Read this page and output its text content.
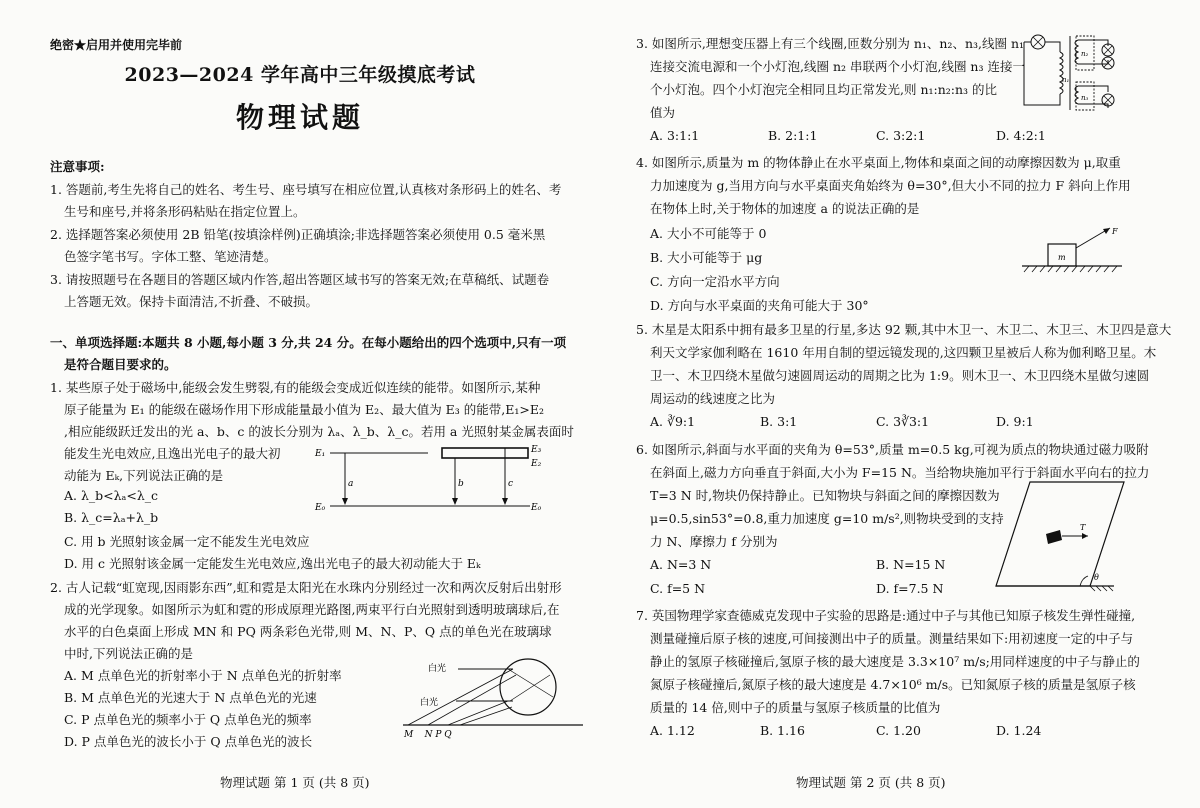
绝密★启用并使用完毕前
2023—2024 学年高中三年级摸底考试
物理试题
注意事项:
1. 答题前,考生先将自己的姓名、考生号、座号填写在相应位置,认真核对条形码上的姓名、考
生号和座号,并将条形码粘贴在指定位置上。
2. 选择题答案必须使用 2B 铅笔(按填涂样例)正确填涂;非选择题答案必须使用 0.5 毫米黑
色签字笔书写。字体工整、笔迹清楚。
3. 请按照题号在各题目的答题区域内作答,超出答题区域书写的答案无效;在草稿纸、试题卷
上答题无效。保持卡面清洁,不折叠、不破损。
一、单项选择题:本题共 8 小题,每小题 3 分,共 24 分。在每小题给出的四个选项中,只有一项
是符合题目要求的。
1. 某些原子处于磁场中,能级会发生劈裂,有的能级会变成近似连续的能带。如图所示,某种
原子能量为 E₁ 的能级在磁场作用下形成能量最小值为 E₂、最大值为 E₃ 的能带,E₁>E₂
,相应能级跃迁发出的光 a、b、c 的波长分别为 λₐ、λ_b、λ_c。若用 a 光照射某金属表面时
能发生光电效应,且逸出光电子的最大初
动能为 Eₖ,下列说法正确的是
A. λ_b<λₐ<λ_c
B. λ_c=λₐ+λ_b
C. 用 b 光照射该金属一定不能发生光电效应
D. 用 c 光照射该金属一定能发生光电效应,逸出光电子的最大初动能大于 Eₖ
E₁
E₀	E₀
E₂
E₃
a	b	c
2. 古人记载“虹宽现,因雨影东西”,虹和霓是太阳光在水珠内分别经过一次和两次反射后出射形
成的光学现象。如图所示为虹和霓的形成原理光路图,两束平行白光照射到透明玻璃球后,在
水平的白色桌面上形成 MN 和 PQ 两条彩色光带,则 M、N、P、Q 点的单色光在玻璃球
中时,下列说法正确的是
A. M 点单色光的折射率小于 N 点单色光的折射率
B. M 点单色光的光速大于 N 点单色光的光速
C. P 点单色光的频率小于 Q 点单色光的频率
D. P 点单色光的波长小于 Q 点单色光的波长
白光
白光
M    N P Q
物理试题 第 1 页 (共 8 页)
3. 如图所示,理想变压器上有三个线圈,匝数分别为 n₁、n₂、n₃,线圈 n₁
连接交流电源和一个小灯泡,线圈 n₂ 串联两个小灯泡,线圈 n₃ 连接一
个小灯泡。四个小灯泡完全相同且均正常发光,则 n₁:n₂:n₃ 的比
值为
A. 3:1:1	B. 2:1:1	C. 3:2:1	D. 4:2:1
n₁
n₂
n₃
4. 如图所示,质量为 m 的物体静止在水平桌面上,物体和桌面之间的动摩擦因数为 μ,取重
力加速度为 g,当用方向与水平桌面夹角始终为 θ=30°,但大小不同的拉力 F 斜向上作用
在物体上时,关于物体的加速度 a 的说法正确的是
A. 大小不可能等于 0
B. 大小可能等于 μg
C. 方向一定沿水平方向
D. 方向与水平桌面的夹角可能大于 30°
m
F
5. 木星是太阳系中拥有最多卫星的行星,多达 92 颗,其中木卫一、木卫二、木卫三、木卫四是意大
利天文学家伽利略在 1610 年用自制的望远镜发现的,这四颗卫星被后人称为伽利略卫星。木
卫一、木卫四绕木星做匀速圆周运动的周期之比为 1:9。则木卫一、木卫四绕木星做匀速圆
周运动的线速度之比为
A. ∛9:1	B. 3:1	C. 3∛3:1	D. 9:1
6. 如图所示,斜面与水平面的夹角为 θ=53°,质量 m=0.5 kg,可视为质点的物块通过磁力吸附
在斜面上,磁力方向垂直于斜面,大小为 F=15 N。当给物块施加平行于斜面水平向右的拉力
T=3 N 时,物块仍保持静止。已知物块与斜面之间的摩擦因数为
μ=0.5,sin53°=0.8,重力加速度 g=10 m/s²,则物块受到的支持
力 N、摩擦力 f 分别为
A. N=3 N	B. N=15 N
C. f=5 N	D. f=7.5 N
T
θ
7. 英国物理学家查德威克发现中子实验的思路是:通过中子与其他已知原子核发生弹性碰撞,
测量碰撞后原子核的速度,可间接测出中子的质量。测量结果如下:用初速度一定的中子与
静止的氢原子核碰撞后,氢原子核的最大速度是 3.3×10⁷ m/s;用同样速度的中子与静止的
氮原子核碰撞后,氮原子核的最大速度是 4.7×10⁶ m/s。已知氮原子核的质量是氢原子核
质量的 14 倍,则中子的质量与氢原子核质量的比值为
A. 1.12	B. 1.16	C. 1.20	D. 1.24
物理试题 第 2 页 (共 8 页)
